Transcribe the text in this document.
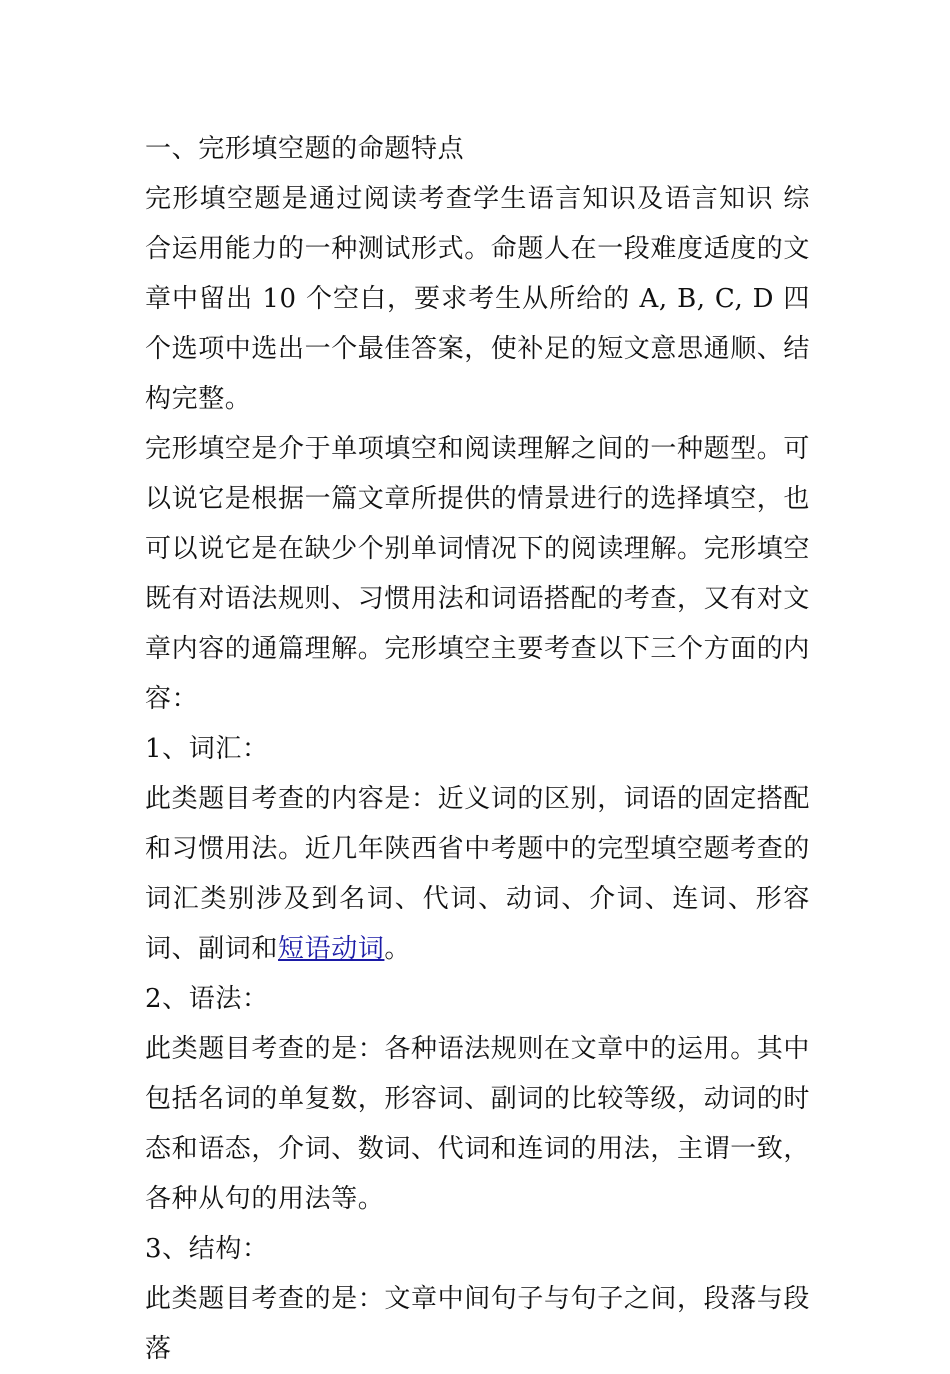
一、完形填空题的命题特点

完形填空题是通过阅读考查学生语言知识及语言知识 综合运用能力的一种测试形式。命题人在一段难度适度的文章中留出 10 个空白，要求考生从所给的 A, B, C, D 四个选项中选出一个最佳答案，使补足的短文意思通顺、结构完整。

完形填空是介于单项填空和阅读理解之间的一种题型。可以说它是根据一篇文章所提供的情景进行的选择填空，也可以说它是在缺少个别单词情况下的阅读理解。完形填空既有对语法规则、习惯用法和词语搭配的考查，又有对文章内容的通篇理解。完形填空主要考查以下三个方面的内容：

1、词汇：

此类题目考查的内容是：近义词的区别，词语的固定搭配和习惯用法。近几年陕西省中考题中的完型填空题考查的词汇类别涉及到名词、代词、动词、介词、连词、形容词、副词和短语动词。

2、语法：

此类题目考查的是：各种语法规则在文章中的运用。其中包括名词的单复数，形容词、副词的比较等级，动词的时态和语态，介词、数词、代词和连词的用法，主谓一致，各种从句的用法等。

3、结构：

此类题目考查的是：文章中间句子与句子之间，段落与段落
